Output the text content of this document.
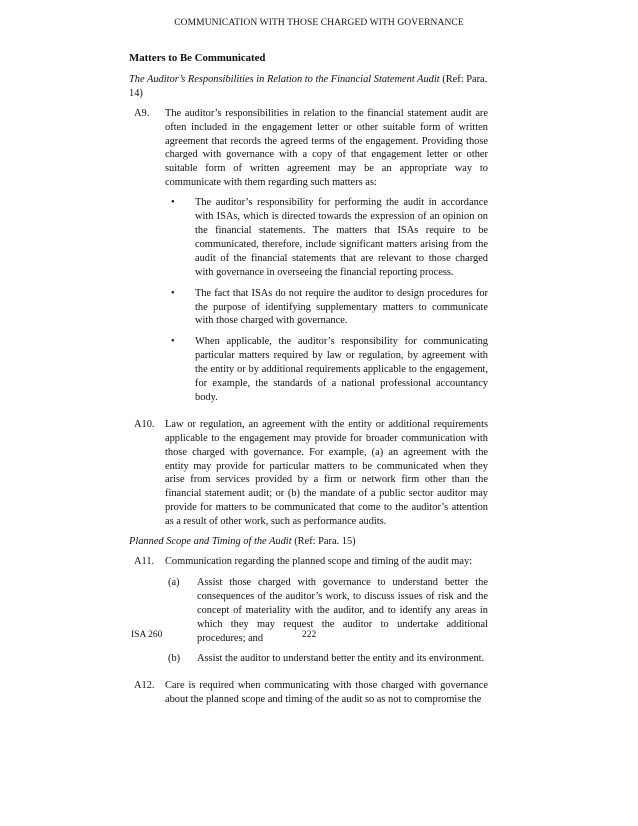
COMMUNICATION WITH THOSE CHARGED WITH GOVERNANCE
Matters to Be Communicated
The Auditor’s Responsibilities in Relation to the Financial Statement Audit (Ref: Para. 14)
A9.	The auditor’s responsibilities in relation to the financial statement audit are often included in the engagement letter or other suitable form of written agreement that records the agreed terms of the engagement. Providing those charged with governance with a copy of that engagement letter or other suitable form of written agreement may be an appropriate way to communicate with them regarding such matters as:

•	The auditor’s responsibility for performing the audit in accordance with ISAs, which is directed towards the expression of an opinion on the financial statements. The matters that ISAs require to be communicated, therefore, include significant matters arising from the audit of the financial statements that are relevant to those charged with governance in overseeing the financial reporting process.
•	The fact that ISAs do not require the auditor to design procedures for the purpose of identifying supplementary matters to communicate with those charged with governance.
•	When applicable, the auditor’s responsibility for communicating particular matters required by law or regulation, by agreement with the entity or by additional requirements applicable to the engagement, for example, the standards of a national professional accountancy body.
A10.	Law or regulation, an agreement with the entity or additional requirements applicable to the engagement may provide for broader communication with those charged with governance. For example, (a) an agreement with the entity may provide for particular matters to be communicated when they arise from services provided by a firm or network firm other than the financial statement audit; or (b) the mandate of a public sector auditor may provide for matters to be communicated that come to the auditor’s attention as a result of other work, such as performance audits.

Planned Scope and Timing of the Audit (Ref: Para. 15)
A11.	Communication regarding the planned scope and timing of the audit may:

(a)	Assist those charged with governance to understand better the consequences of the auditor’s work, to discuss issues of risk and the concept of materiality with the auditor, and to identify any areas in which they may request the auditor to undertake additional procedures; and
(b)	Assist the auditor to understand better the entity and its environment.
A12.	Care is required when communicating with those charged with governance about the planned scope and timing of the audit so as not to compromise the

ISA 260	222
